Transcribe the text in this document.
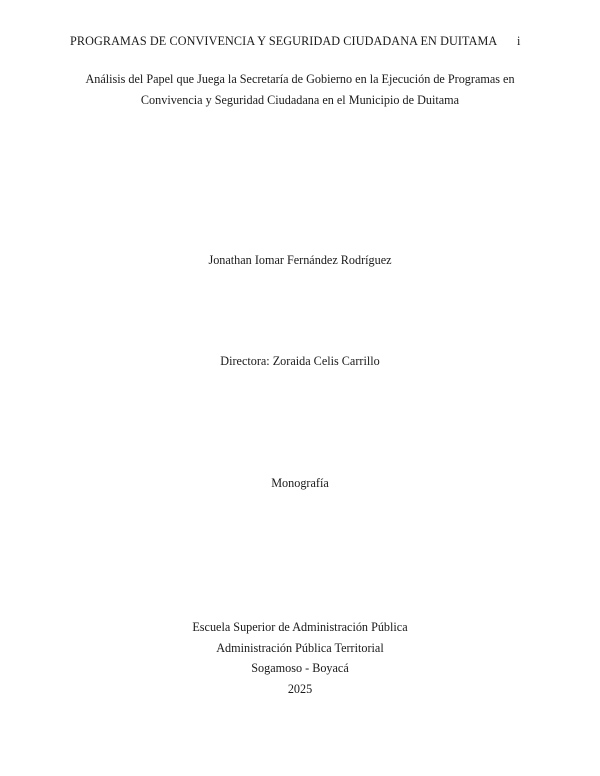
PROGRAMAS DE CONVIVENCIA Y SEGURIDAD CIUDADANA EN DUITAMA	i
Análisis del Papel que Juega la Secretaría de Gobierno en la Ejecución de Programas en
Convivencia y Seguridad Ciudadana en el Municipio de Duitama
Jonathan Iomar Fernández Rodríguez
Directora: Zoraida Celis Carrillo
Monografía
Escuela Superior de Administración Pública
Administración Pública Territorial
Sogamoso - Boyacá
2025
